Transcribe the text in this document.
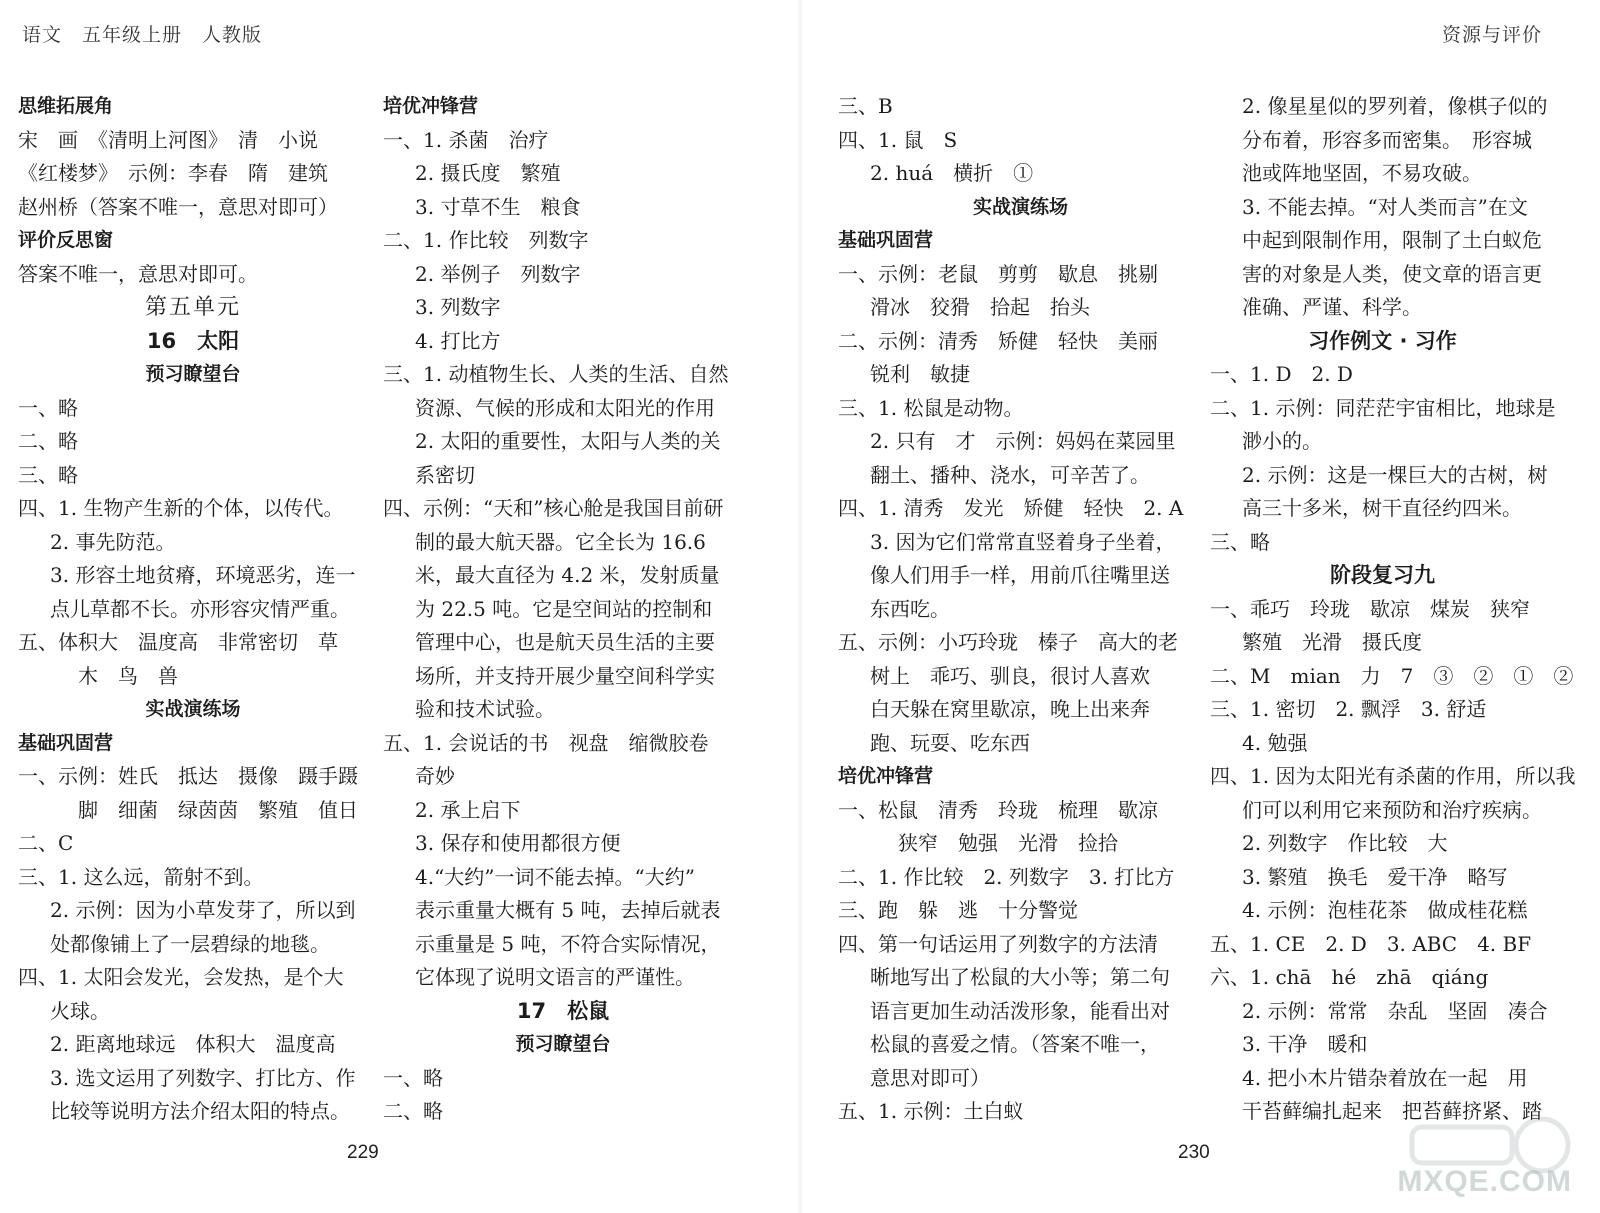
语文　五年级上册　人教版	资源与评价
思维拓展角
宋　画　《清明上河图》　清　小说
《红楼梦》　示例：李春　隋　建筑
赵州桥（答案不唯一，意思对即可）
评价反思窗
答案不唯一，意思对即可。
第五单元
16　太阳
预习瞭望台
一、略
二、略
三、略
四、1. 生物产生新的个体，以传代。
2. 事先防范。
3. 形容土地贫瘠，环境恶劣，连一
点儿草都不长。亦形容灾情严重。
五、体积大　温度高　非常密切　草
木　鸟　兽
实战演练场
基础巩固营
一、示例：姓氏　抵达　摄像　蹑手蹑
脚　细菌　绿茵茵　繁殖　值日
二、C
三、1. 这么远，箭射不到。
2. 示例：因为小草发芽了，所以到
处都像铺上了一层碧绿的地毯。
四、1. 太阳会发光，会发热，是个大
火球。
2. 距离地球远　体积大　温度高
3. 选文运用了列数字、打比方、作
比较等说明方法介绍太阳的特点。
培优冲锋营
一、1. 杀菌　治疗
2. 摄氏度　繁殖
3. 寸草不生　粮食
二、1. 作比较　列数字
2. 举例子　列数字
3. 列数字
4. 打比方
三、1. 动植物生长、人类的生活、自然
资源、气候的形成和太阳光的作用
2. 太阳的重要性，太阳与人类的关
系密切
四、示例：“天和”核心舱是我国目前研
制的最大航天器。它全长为 16.6
米，最大直径为 4.2 米，发射质量
为 22.5 吨。它是空间站的控制和
管理中心，也是航天员生活的主要
场所，并支持开展少量空间科学实
验和技术试验。
五、1. 会说话的书　视盘　缩微胶卷
奇妙
2. 承上启下
3. 保存和使用都很方便
4.“大约”一词不能去掉。“大约”
表示重量大概有 5 吨，去掉后就表
示重量是 5 吨，不符合实际情况，
它体现了说明文语言的严谨性。
17　松鼠
预习瞭望台
一、略
二、略
三、B
四、1. 鼠　S
2. huá　横折　①
实战演练场
基础巩固营
一、示例：老鼠　剪剪　歇息　挑剔
滑冰　狡猾　拾起　抬头
二、示例：清秀　矫健　轻快　美丽
锐利　敏捷
三、1. 松鼠是动物。
2. 只有　才　示例：妈妈在菜园里
翻土、播种、浇水，可辛苦了。
四、1. 清秀　发光　矫健　轻快　2. A
3. 因为它们常常直竖着身子坐着，
像人们用手一样，用前爪往嘴里送
东西吃。
五、示例：小巧玲珑　榛子　高大的老
树上　乖巧、驯良，很讨人喜欢
白天躲在窝里歇凉，晚上出来奔
跑、玩耍、吃东西
培优冲锋营
一、松鼠　清秀　玲珑　梳理　歇凉
狭窄　勉强　光滑　捡拾
二、1. 作比较　2. 列数字　3. 打比方
三、跑　躲　逃　十分警觉
四、第一句话运用了列数字的方法清
晰地写出了松鼠的大小等；第二句
语言更加生动活泼形象，能看出对
松鼠的喜爱之情。（答案不唯一，
意思对即可）
五、1. 示例：土白蚁
2. 像星星似的罗列着，像棋子似的
分布着，形容多而密集。　形容城
池或阵地坚固，不易攻破。
3. 不能去掉。“对人类而言”在文
中起到限制作用，限制了土白蚁危
害的对象是人类，使文章的语言更
准确、严谨、科学。
习作例文 · 习作
一、1. D　2. D
二、1. 示例：同茫茫宇宙相比，地球是
渺小的。
2. 示例：这是一棵巨大的古树，树
高三十多米，树干直径约四米。
三、略
阶段复习九
一、乖巧　玲珑　歇凉　煤炭　狭窄
繁殖　光滑　摄氏度
二、M　mian　力　7　③　②　①　②
三、1. 密切　2. 飘浮　3. 舒适
4. 勉强
四、1. 因为太阳光有杀菌的作用，所以我
们可以利用它来预防和治疗疾病。
2. 列数字　作比较　大
3. 繁殖　换毛　爱干净　略写
4. 示例：泡桂花茶　做成桂花糕
五、1. CE　2. D　3. ABC　4. BF
六、1. chā　hé　zhā　qiáng
2. 示例：常常　杂乱　坚固　凑合
3. 干净　暖和
4. 把小木片错杂着放在一起　用
干苔藓编扎起来　把苔藓挤紧、踏
229	230
MXQE.COM
